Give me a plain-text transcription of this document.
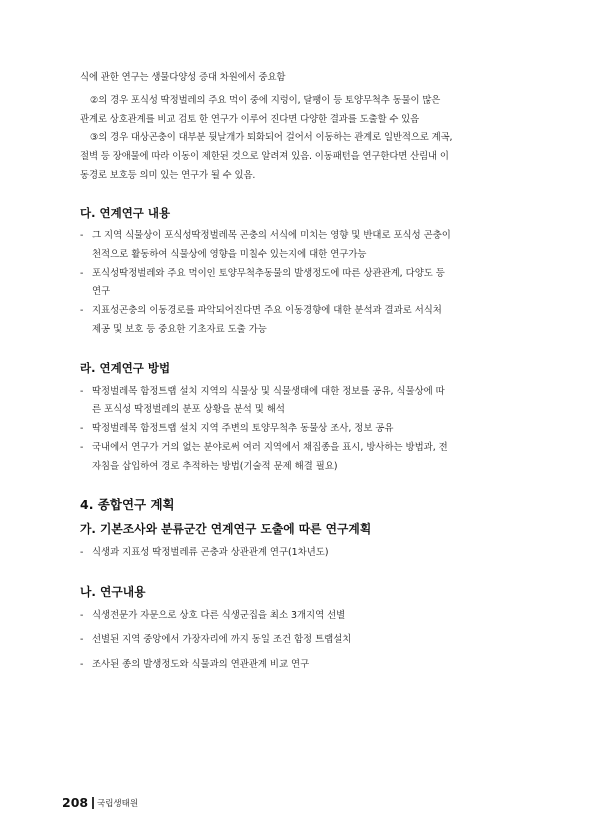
식에 관한 연구는 생물다양성 증대 차원에서 중요함
②의 경우 포식성 딱정벌레의 주요 먹이 중에 지렁이, 달팽이 등 토양무척추 동물이 많은
관계로 상호관계를 비교 검토 한 연구가 이루어 진다면 다양한 결과를 도출할 수 있음
③의 경우 대상곤충이 대부분 뒷날개가 퇴화되어 걸어서 이동하는 관계로 일반적으로 계곡,
절벽 등 장애물에 따라 이동이 제한된 것으로 알려져 있음. 이동패턴을 연구한다면 산림내 이
동경로 보호등 의미 있는 연구가 될 수 있음.
다. 연계연구 내용
- 그 지역 식물상이 포식성딱정벌레목 곤충의 서식에 미치는 영향 및 반대로 포식성 곤충이
천적으로 활동하여 식물상에 영향을 미칠수 있는지에 대한 연구가능
- 포식성딱정벌레와 주요 먹이인 토양무척추동물의 발생정도에 따른 상관관계, 다양도 등
연구
- 지표성곤충의 이동경로를 파악되어진다면 주요 이동경향에 대한 분석과 결과로 서식처
제공 및 보호 등 중요한 기초자료 도출 가능
라. 연계연구 방법
- 딱정벌레목 함정트랩 설치 지역의 식물상 및 식물생태에 대한 정보를 공유, 식물상에 따
른 포식성 딱정벌레의 분포 상황을 분석 및 해석
- 딱정벌레목 함정트랩 설치 지역 주변의 토양무척추 동물상 조사, 정보 공유
- 국내에서 연구가 거의 없는 분야로써 여러 지역에서 채집종을 표시, 방사하는 방법과, 전
자침을 삽입하여 경로 추적하는 방법(기술적 문제 해결 필요)
4. 종합연구 계획
가. 기본조사와 분류군간 연계연구 도출에 따른 연구계획
- 식생과 지표성 딱정벌레류 곤충과 상관관계 연구(1차년도)
나. 연구내용
- 식생전문가 자문으로 상호 다른 식생군집을 최소 3개지역 선별
- 선별된 지역 중앙에서 가장자리에 까지 동일 조건 함정 트랩설치
- 조사된 종의 발생정도와 식물과의 연관관계 비교 연구
208 국립생태원
